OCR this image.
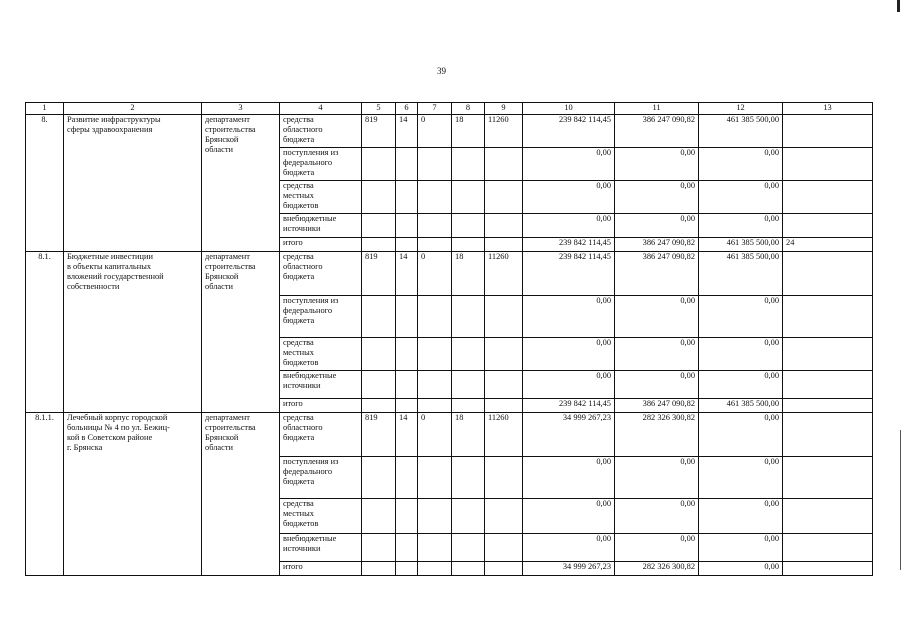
39
1	2	3	4	5	6	7	8	9	10	11	12	13
8.	Развитие инфраструктуры
сферы здравоохранения	департамент
строительства
Брянской
области	средства
областного
бюджета	819	14	0	18	11260	239 842 114,45	386 247 090,82	461 385 500,00	
			поступления из
федерального
бюджета						0,00	0,00	0,00	
			средства
местных
бюджетов						0,00	0,00	0,00	
			внебюджетные
источники						0,00	0,00	0,00	
			итого						239 842 114,45	386 247 090,82	461 385 500,00	24
8.1.	Бюджетные инвестиции
в объекты капитальных
вложений государственной
собственности	департамент
строительства
Брянской
области	средства
областного
бюджета	819	14	0	18	11260	239 842 114,45	386 247 090,82	461 385 500,00	
			поступления из
федерального
бюджета						0,00	0,00	0,00	
			средства
местных
бюджетов						0,00	0,00	0,00	
			внебюджетные
источники						0,00	0,00	0,00	
			итого						239 842 114,45	386 247 090,82	461 385 500,00	
8.1.1.	Лечебный корпус городской
больницы № 4 по ул. Бежиц-
кой в Советском районе
г. Брянска	департамент
строительства
Брянской
области	средства
областного
бюджета	819	14	0	18	11260	34 999 267,23	282 326 300,82	0,00	
			поступления из
федерального
бюджета						0,00	0,00	0,00	
			средства
местных
бюджетов						0,00	0,00	0,00	
			внебюджетные
источники						0,00	0,00	0,00	
			итого						34 999 267,23	282 326 300,82	0,00	
